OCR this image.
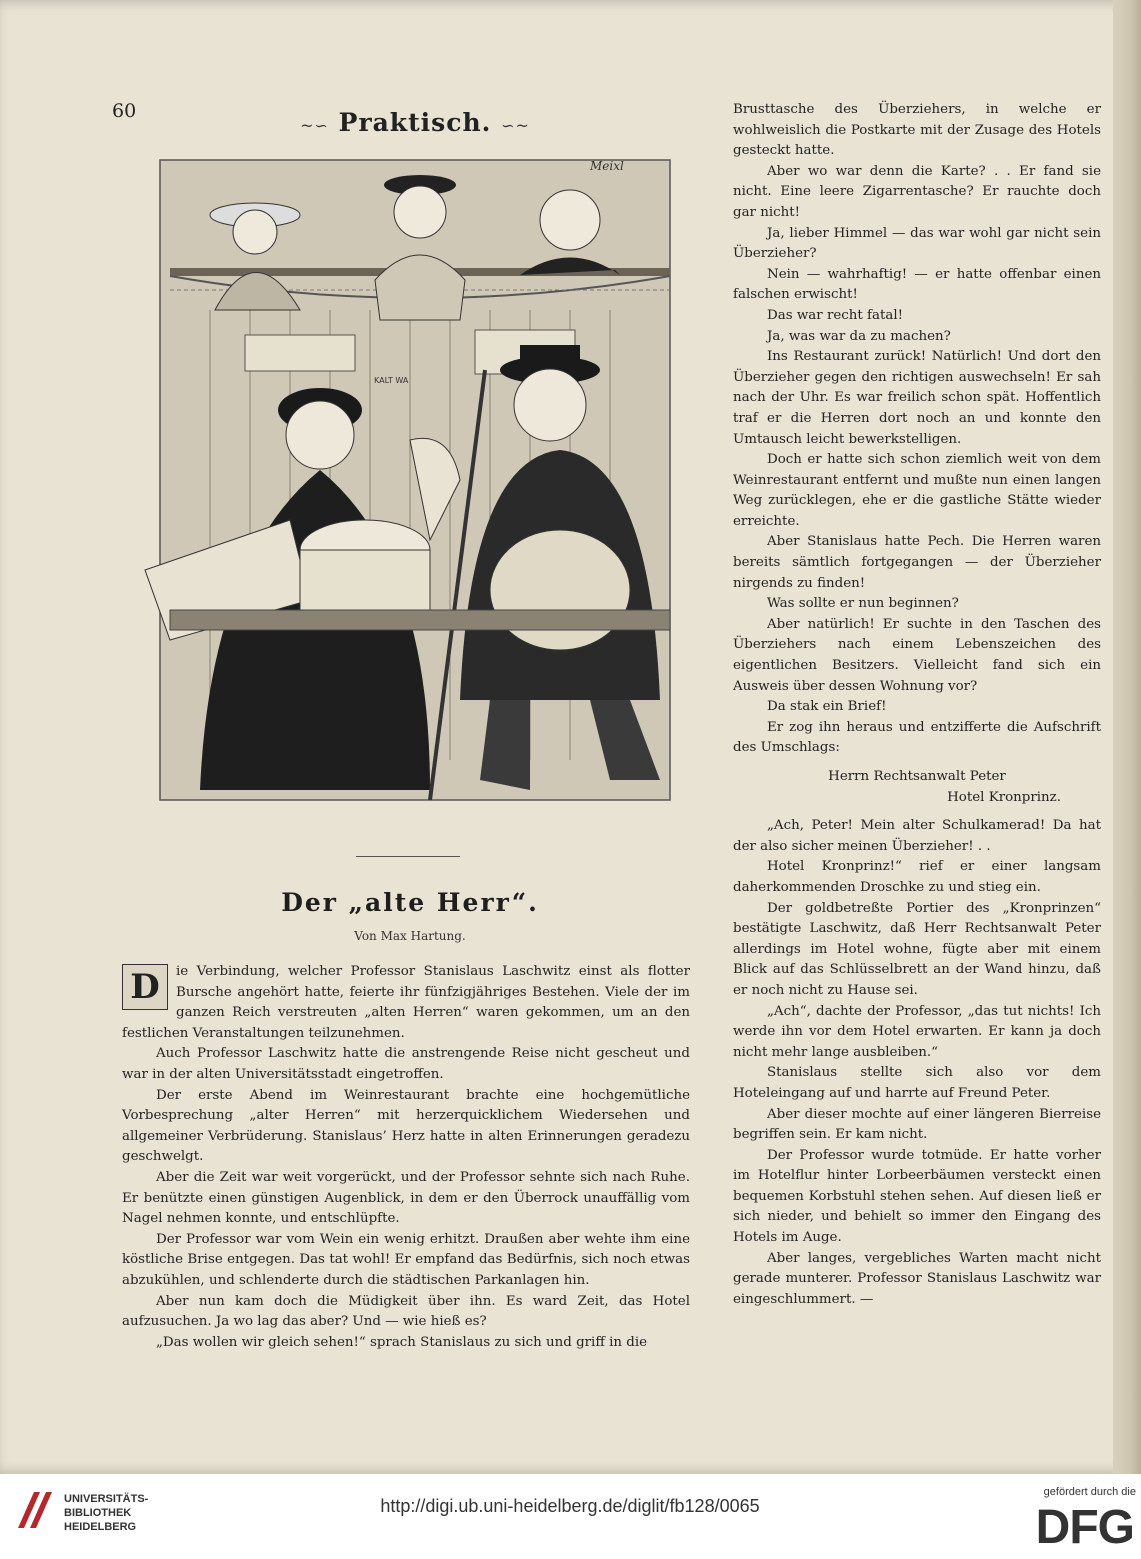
60
~∽ Praktisch. ∽~
KALT WA
Meixl
Der „alte Herr“.
Von Max Hartung.

D	ie Verbindung, welcher Professor Stanislaus Laschwitz einst als flotter Bursche angehört hatte, feierte ihr fünfzigjähriges Bestehen. Viele der im ganzen Reich verstreuten „alten Herren“ waren gekommen, um an den festlichen Veranstaltungen teilzunehmen.

Auch Professor Laschwitz hatte die anstrengende Reise nicht gescheut und war in der alten Universitätsstadt eingetroffen.

Der erste Abend im Weinrestaurant brachte eine hochgemütliche Vorbesprechung „alter Herren“ mit herzerquicklichem Wiedersehen und allgemeiner Verbrüderung. Stanislaus’ Herz hatte in alten Erinnerungen geradezu geschwelgt.

Aber die Zeit war weit vorgerückt, und der Professor sehnte sich nach Ruhe. Er benützte einen günstigen Augenblick, in dem er den Überrock unauffällig vom Nagel nehmen konnte, und entschlüpfte.

Der Professor war vom Wein ein wenig erhitzt. Draußen aber wehte ihm eine köstliche Brise entgegen. Das tat wohl! Er empfand das Bedürfnis, sich noch etwas abzukühlen, und schlenderte durch die städtischen Parkanlagen hin.

Aber nun kam doch die Müdigkeit über ihn. Es ward Zeit, das Hotel aufzusuchen. Ja wo lag das aber? Und — wie hieß es?

„Das wollen wir gleich sehen!“ sprach Stanislaus zu sich und griff in die

Brusttasche des Überziehers, in welche er wohlweislich die Postkarte mit der Zusage des Hotels gesteckt hatte.

Aber wo war denn die Karte? . . Er fand sie nicht. Eine leere Zigarrentasche? Er rauchte doch gar nicht!

Ja, lieber Himmel — das war wohl gar nicht sein Überzieher?

Nein — wahrhaftig! — er hatte offenbar einen falschen erwischt!

Das war recht fatal!

Ja, was war da zu machen?

Ins Restaurant zurück! Natürlich! Und dort den Überzieher gegen den richtigen auswechseln! Er sah nach der Uhr. Es war freilich schon spät. Hoffentlich traf er die Herren dort noch an und konnte den Umtausch leicht bewerkstelligen.

Doch er hatte sich schon ziemlich weit von dem Weinrestaurant entfernt und mußte nun einen langen Weg zurücklegen, ehe er die gastliche Stätte wieder erreichte.

Aber Stanislaus hatte Pech. Die Herren waren bereits sämtlich fortgegangen — der Überzieher nirgends zu finden!

Was sollte er nun beginnen?

Aber natürlich! Er suchte in den Taschen des Überziehers nach einem Lebenszeichen des eigentlichen Besitzers. Vielleicht fand sich ein Ausweis über dessen Wohnung vor?

Da stak ein Brief!

Er zog ihn heraus und entzifferte die Aufschrift des Umschlags:

Herrn Rechtsanwalt Peter

Hotel Kronprinz.

„Ach, Peter! Mein alter Schulkamerad! Da hat der also sicher meinen Überzieher! . .

Hotel Kronprinz!“ rief er einer langsam daherkommenden Droschke zu und stieg ein.

Der goldbetreßte Portier des „Kronprinzen“ bestätigte Laschwitz, daß Herr Rechtsanwalt Peter allerdings im Hotel wohne, fügte aber mit einem Blick auf das Schlüsselbrett an der Wand hinzu, daß er noch nicht zu Hause sei.

„Ach“, dachte der Professor, „das tut nichts! Ich werde ihn vor dem Hotel erwarten. Er kann ja doch nicht mehr lange ausbleiben.“

Stanislaus stellte sich also vor dem Hoteleingang auf und harrte auf Freund Peter.

Aber dieser mochte auf einer längeren Bierreise begriffen sein. Er kam nicht.

Der Professor wurde totmüde. Er hatte vorher im Hotelflur hinter Lorbeerbäumen versteckt einen bequemen Korbstuhl stehen sehen. Auf diesen ließ er sich nieder, und behielt so immer den Eingang des Hotels im Auge.

Aber langes, vergebliches Warten macht nicht gerade munterer. Professor Stanislaus Laschwitz war eingeschlummert. —

UNIVERSITÄTS-
BIBLIOTHEK
HEIDELBERG
http://digi.ub.uni-heidelberg.de/diglit/fb128/0065
gefördert durch die
DFG
